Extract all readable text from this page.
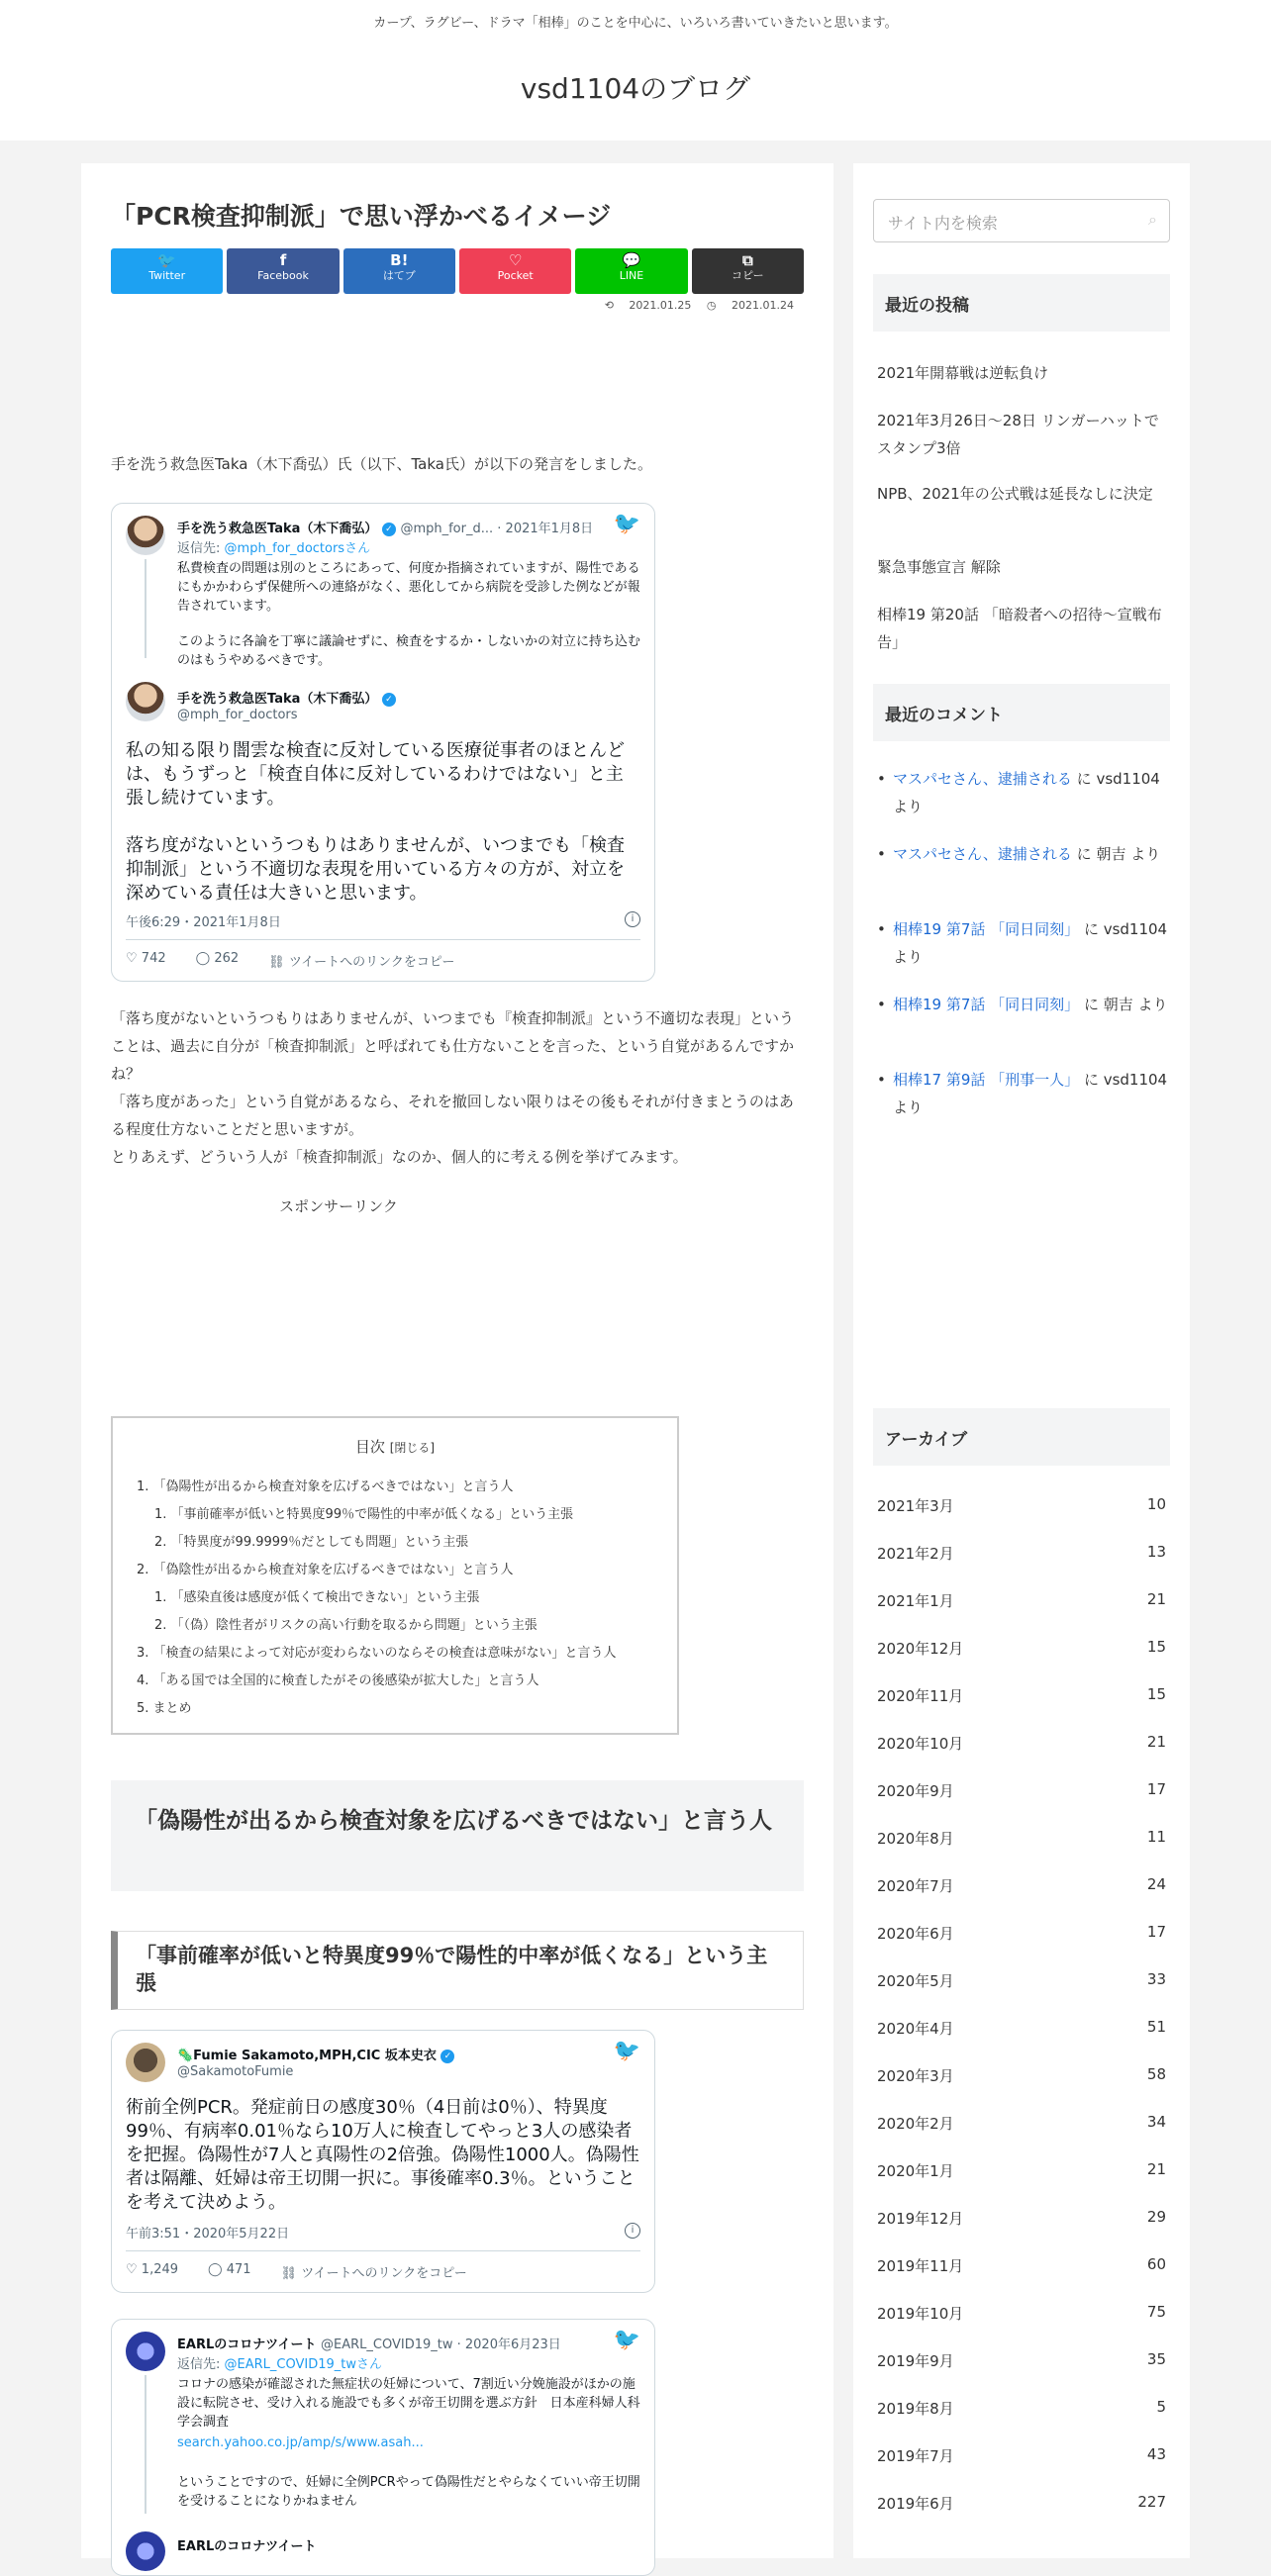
カープ、ラグビー、ドラマ「相棒」のことを中心に、いろいろ書いていきたいと思います。
vsd1104のブログ
「PCR検査抑制派」で思い浮かべるイメージ
🐦
Twitter
f
Facebook
B!
はてブ
♡
Pocket
💬
LINE
⧉
コピー
⟲ 2021.01.25 ◷ 2021.01.24
手を洗う救急医Taka（木下喬弘）氏（以下、Taka氏）が以下の発言をしました。
手を洗う救急医Taka（木下喬弘） ✓ @mph_for_d... · 2021年1月8日 🐦
返信先: @mph_for_doctorsさん
私費検査の問題は別のところにあって、何度か指摘されていますが、陽性であるにもかかわらず保健所への連絡がなく、悪化してから病院を受診した例などが報告されています。
このように各論を丁寧に議論せずに、検査をするか・しないかの対立に持ち込むのはもうやめるべきです。
手を洗う救急医Taka（木下喬弘） ✓
@mph_for_doctors
私の知る限り闇雲な検査に反対している医療従事者のほとんどは、もうずっと「検査自体に反対しているわけではない」と主張し続けています。
落ち度がないというつもりはありませんが、いつまでも「検査抑制派」という不適切な表現を用いている方々の方が、対立を深めている責任は大きいと思います。
午後6:29・2021年1月8日	i
♡ 742 ◯ 262 ⛓ ツイートへのリンクをコピー
「落ち度がないというつもりはありませんが、いつまでも『検査抑制派』という不適切な表現」ということは、過去に自分が「検査抑制派」と呼ばれても仕方ないことを言った、という自覚があるんですかね？
「落ち度があった」という自覚があるなら、それを撤回しない限りはその後もそれが付きまとうのはある程度仕方ないことだと思いますが。
とりあえず、どういう人が「検査抑制派」なのか、個人的に考える例を挙げてみます。
スポンサーリンク
目次 [閉じる]
1. 「偽陽性が出るから検査対象を広げるべきではない」と言う人
1. 「事前確率が低いと特異度99％で陽性的中率が低くなる」という主張
2. 「特異度が99.9999％だとしても問題」という主張
2. 「偽陰性が出るから検査対象を広げるべきではない」と言う人
1. 「感染直後は感度が低くて検出できない」という主張
2. 「（偽）陰性者がリスクの高い行動を取るから問題」という主張
3. 「検査の結果によって対応が変わらないのならその検査は意味がない」と言う人
4. 「ある国では全国的に検査したがその後感染が拡大した」と言う人
5. まとめ
「偽陽性が出るから検査対象を広げるべきではない」と言う人
「事前確率が低いと特異度99％で陽性的中率が低くなる」という主張
🦠Fumie Sakamoto,MPH,CIC 坂本史衣 ✓
@SakamotoFumie
🐦
術前全例PCR。発症前日の感度30％（4日前は0％）、特異度99％、有病率0.01％なら10万人に検査してやっと3人の感染者を把握。偽陽性が7人と真陽性の2倍強。偽陽性1000人。偽陽性者は隔離、妊婦は帝王切開一択に。事後確率0.3％。ということを考えて決めよう。
午前3:51・2020年5月22日	i
♡ 1,249 ◯ 471 ⛓ ツイートへのリンクをコピー
EARLのコロナツイート @EARL_COVID19_tw · 2020年6月23日 🐦
返信先: @EARL_COVID19_twさん
コロナの感染が確認された無症状の妊婦について、7割近い分娩施設がほかの施設に転院させ、受け入れる施設でも多くが帝王切開を選ぶ方針　日本産科婦人科学会調査
search.yahoo.co.jp/amp/s/www.asah...
ということですので、妊婦に全例PCRやって偽陽性だとやらなくていい帝王切開を受けることになりかねません
EARLのコロナツイート
サイト内を検索	⌕
最近の投稿
2021年開幕戦は逆転負け
2021年3月26日～28日 リンガーハットでスタンプ3倍
NPB、2021年の公式戦は延長なしに決定
緊急事態宣言 解除
相棒19 第20話 「暗殺者への招待～宣戦布告」
最近のコメント
• マスパセさん、逮捕される に vsd1104 より
• マスパセさん、逮捕される に 朝吉 より
• 相棒19 第7話 「同日同刻」 に vsd1104 より
• 相棒19 第7話 「同日同刻」 に 朝吉 より
• 相棒17 第9話 「刑事一人」 に vsd1104 より
アーカイブ
2021年3月	10
2021年2月	13
2021年1月	21
2020年12月	15
2020年11月	15
2020年10月	21
2020年9月	17
2020年8月	11
2020年7月	24
2020年6月	17
2020年5月	33
2020年4月	51
2020年3月	58
2020年2月	34
2020年1月	21
2019年12月	29
2019年11月	60
2019年10月	75
2019年9月	35
2019年8月	5
2019年7月	43
2019年6月	227
